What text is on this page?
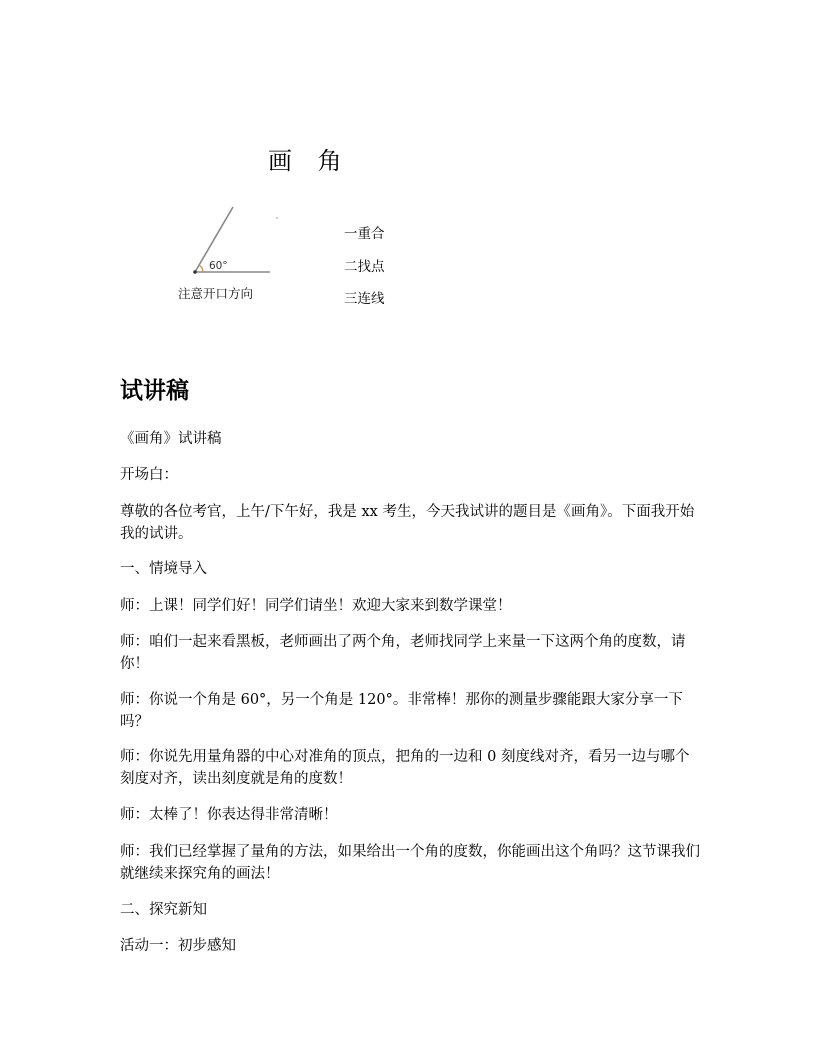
画 角
60°
注意开口方向
一重合
二找点
三连线
试讲稿
《画角》试讲稿
开场白：
尊敬的各位考官，上午/下午好，我是 xx 考生，今天我试讲的题目是《画角》。下面我开始我的试讲。
一、情境导入
师：上课！同学们好！同学们请坐！欢迎大家来到数学课堂！
师：咱们一起来看黑板，老师画出了两个角，老师找同学上来量一下这两个角的度数，请你！
师：你说一个角是 60°，另一个角是 120°。非常棒！那你的测量步骤能跟大家分享一下吗？
师：你说先用量角器的中心对准角的顶点，把角的一边和 0 刻度线对齐，看另一边与哪个刻度对齐，读出刻度就是角的度数！
师：太棒了！你表达得非常清晰！
师：我们已经掌握了量角的方法，如果给出一个角的度数，你能画出这个角吗？这节课我们就继续来探究角的画法！
二、探究新知
活动一：初步感知
